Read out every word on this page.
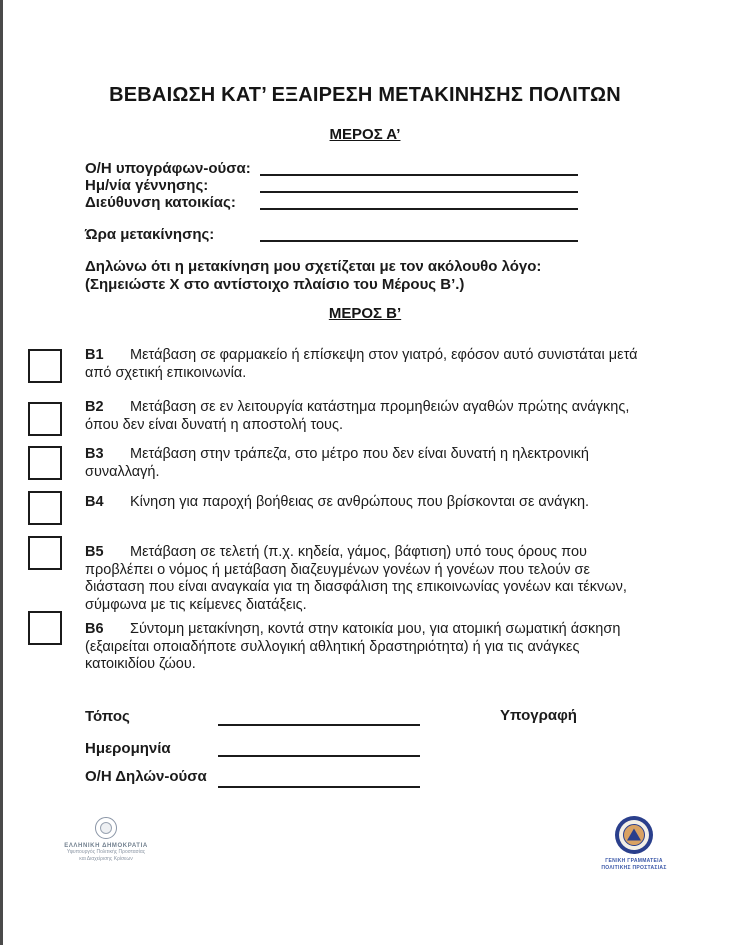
ΒΕΒΑΙΩΣΗ ΚΑΤ’ ΕΞΑΙΡΕΣΗ ΜΕΤΑΚΙΝΗΣΗΣ ΠΟΛΙΤΩΝ
ΜΕΡΟΣ Α’
Ο/Η υπογράφων-ούσα:
Ημ/νία γέννησης:
Διεύθυνση κατοικίας:
Ώρα μετακίνησης:
Δηλώνω ότι η μετακίνηση μου σχετίζεται με τον ακόλουθο λόγο:
(Σημειώστε X στο αντίστοιχο πλαίσιο του Μέρους Β’.)
ΜΕΡΟΣ Β’
Β1 Μετάβαση σε φαρμακείο ή επίσκεψη στον γιατρό, εφόσον αυτό συνιστάται μετά από σχετική επικοινωνία.
Β2 Μετάβαση σε εν λειτουργία κατάστημα προμηθειών αγαθών πρώτης ανάγκης, όπου δεν είναι δυνατή η αποστολή τους.
Β3 Μετάβαση στην τράπεζα, στο μέτρο που δεν είναι δυνατή η ηλεκτρονική συναλλαγή.
Β4 Κίνηση για παροχή βοήθειας σε ανθρώπους που βρίσκονται σε ανάγκη.
Β5 Μετάβαση σε τελετή (π.χ. κηδεία, γάμος, βάφτιση) υπό τους όρους που προβλέπει ο νόμος ή μετάβαση διαζευγμένων γονέων ή γονέων που τελούν σε διάσταση που είναι αναγκαία για τη διασφάλιση της επικοινωνίας γονέων και τέκνων, σύμφωνα με τις κείμενες διατάξεις.
Β6 Σύντομη μετακίνηση, κοντά στην κατοικία μου, για ατομική σωματική άσκηση (εξαιρείται οποιαδήποτε συλλογική αθλητική δραστηριότητα) ή για τις ανάγκες κατοικιδίου ζώου.
Τόπος	Υπογραφή
Ημερομηνία
Ο/Η Δηλών-ούσα
ΕΛΛΗΝΙΚΗ ΔΗΜΟΚΡΑΤΙΑ
Υφυπουργός Πολιτικής Προστασίας
και Διαχείρισης Κρίσεων	ΓΕΝΙΚΗ ΓΡΑΜΜΑΤΕΙΑ
ΠΟΛΙΤΙΚΗΣ ΠΡΟΣΤΑΣΙΑΣ
